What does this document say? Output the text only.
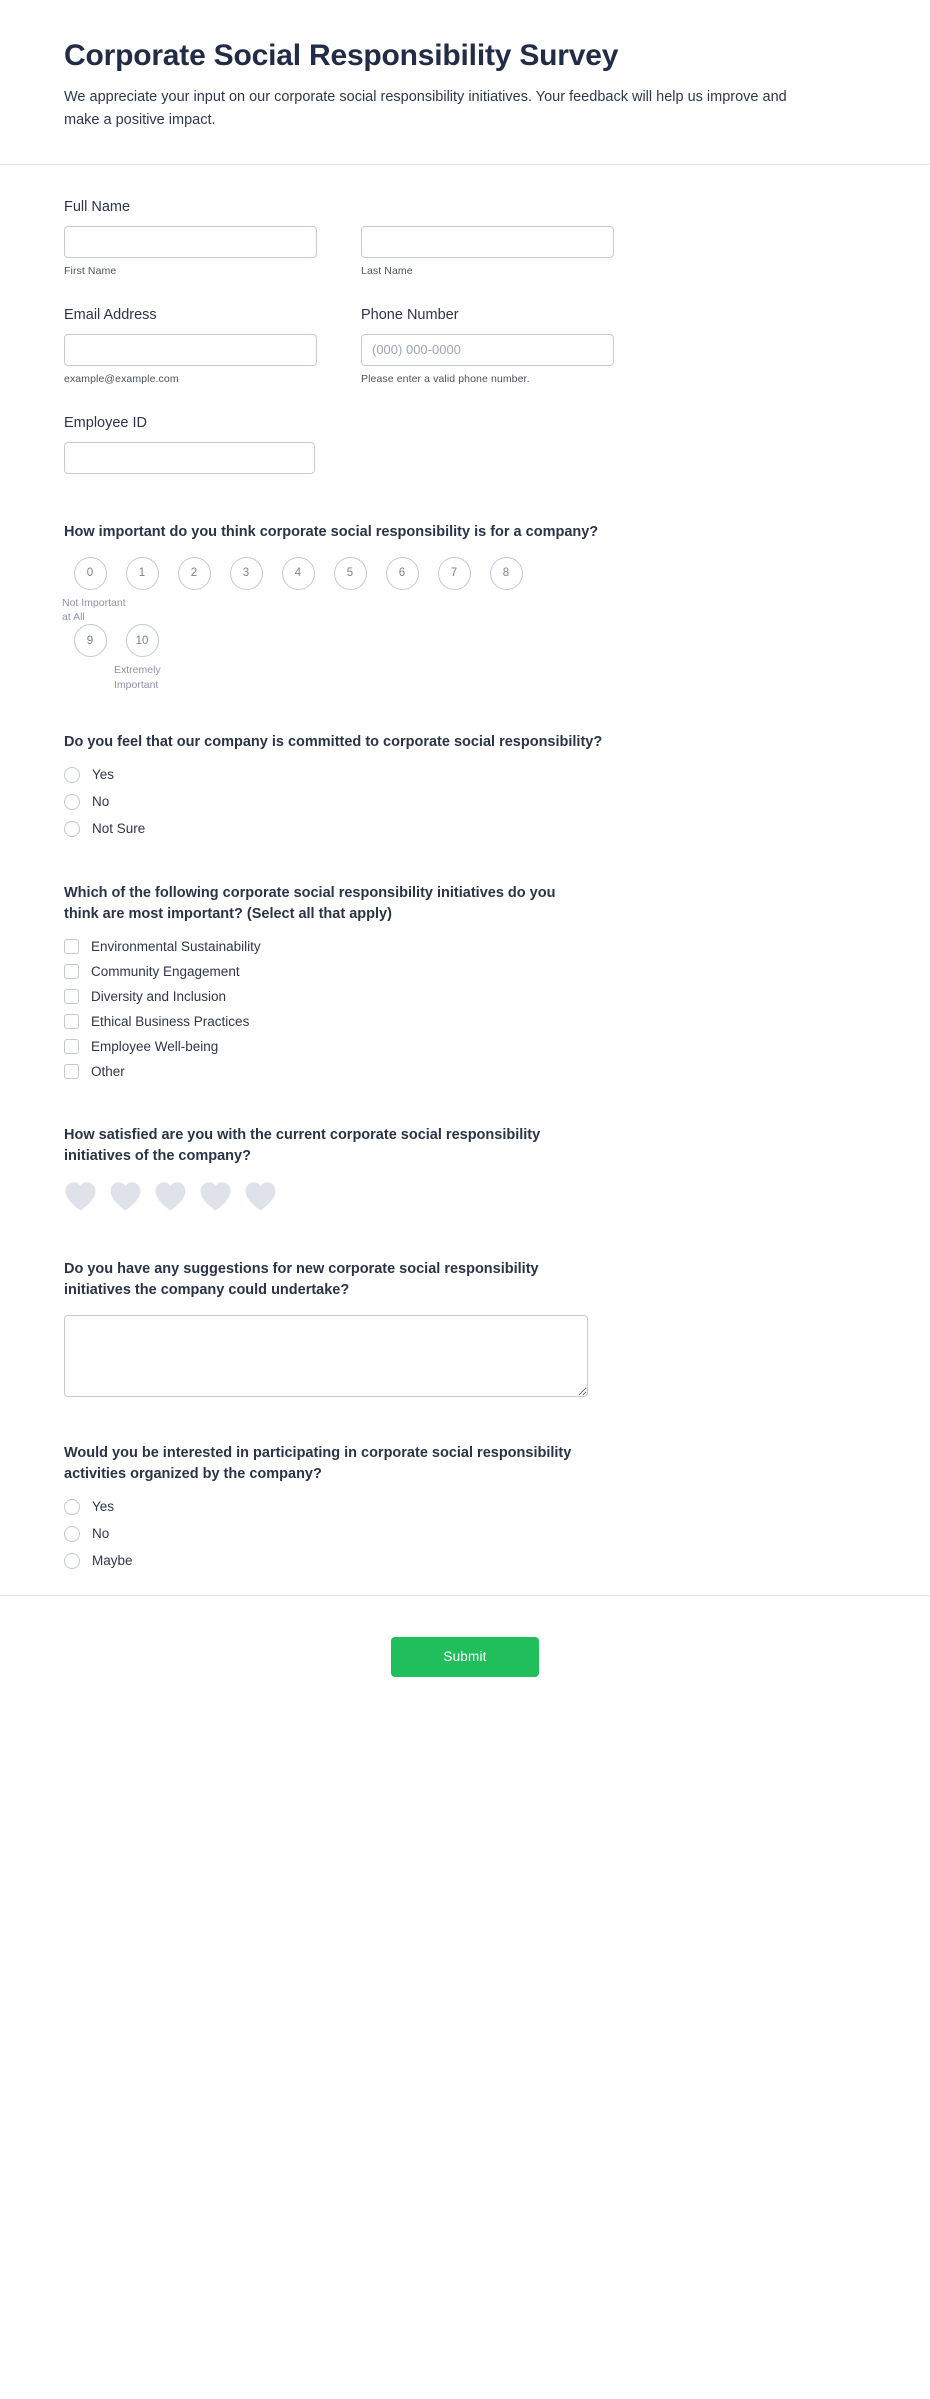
Corporate Social Responsibility Survey

We appreciate your input on our corporate social responsibility initiatives. Your feedback will help us improve and make a positive impact.

Full Name
First Name	Last Name
Email Address
example@example.com
Phone Number
(000) 000-0000
Please enter a valid phone number.
Employee ID
How important do you think corporate social responsibility is for a company?
0
Not Important at All
1	2	3	4	5	6	7	8
9	10
Extremely Important
Do you feel that our company is committed to corporate social responsibility?
Yes
No
Not Sure
Which of the following corporate social responsibility initiatives do you think are most important? (Select all that apply)
Environmental Sustainability
Community Engagement
Diversity and Inclusion
Ethical Business Practices
Employee Well-being
Other
How satisfied are you with the current corporate social responsibility initiatives of the company?
Do you have any suggestions for new corporate social responsibility initiatives the company could undertake?
Would you be interested in participating in corporate social responsibility activities organized by the company?
Yes
No
Maybe
Submit
